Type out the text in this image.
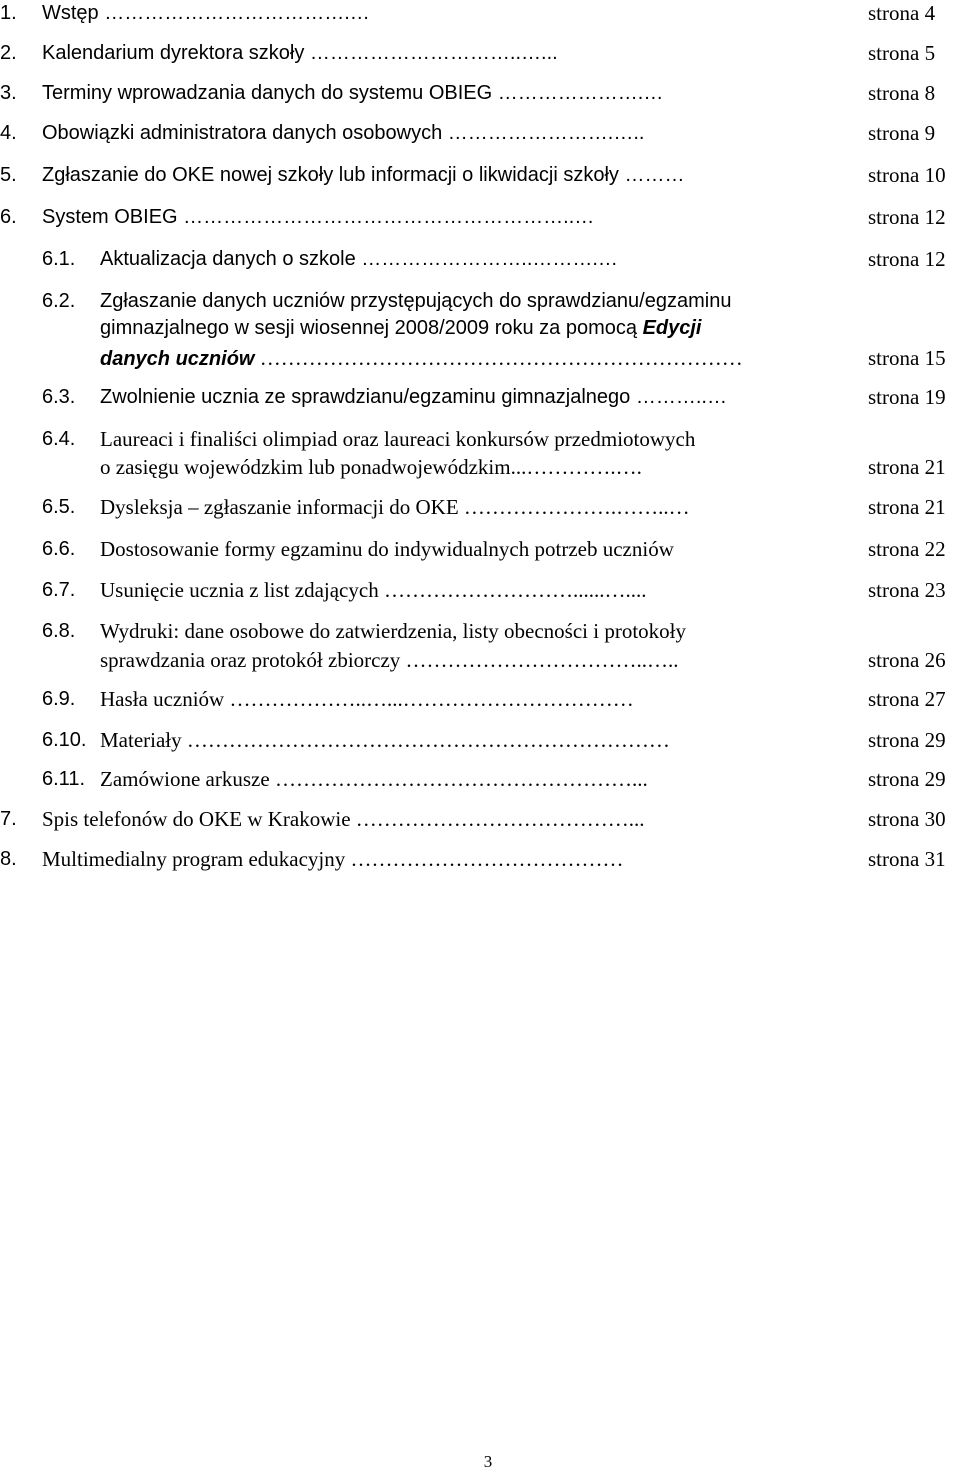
1. Wstęp ……………………………….…	strona 4
2. Kalendarium dyrektora szkoły …………………………..…...	strona 5
3. Terminy wprowadzania danych do systemu OBIEG ………………….…	strona 8
4. Obowiązki administratora danych osobowych …………………….…..	strona 9
5. Zgłaszanie do OKE nowej szkoły lub informacji o likwidacji szkoły ………	strona 10
6. System OBIEG …………………………………………………..…	strona 12
6.1. Aktualizacja danych o szkole ……………………..……….…	strona 12
6.2. Zgłaszanie danych uczniów przystępujących do sprawdzianu/egzaminu
gimnazjalnego w sesji wiosennej 2008/2009 roku za pomocą Edycji
danych uczniów ……………………………………………………………	strona 15
6.3. Zwolnienie ucznia ze sprawdzianu/egzaminu gimnazjalnego ………..…	strona 19
6.4. Laureaci i finaliści olimpiad oraz laureaci konkursów przedmiotowych
o zasięgu wojewódzkim lub ponadwojewódzkim...………….….	strona 21
6.5. Dysleksja – zgłaszanie informacji do OKE ………………….……..…	strona 21
6.6. Dostosowanie formy egzaminu do indywidualnych potrzeb uczniów	strona 22
6.7. Usunięcie ucznia z list zdających ………………………......…....	strona 23
6.8. Wydruki: dane osobowe do zatwierdzenia, listy obecności i protokoły
sprawdzania oraz protokół zbiorczy ……………………………..…..	strona 26
6.9. Hasła uczniów ………………..…...……………………………	strona 27
6.10. Materiały ……………………………………………………………	strona 29
6.11. Zamówione arkusze ……………………………………………...	strona 29
7. Spis telefonów do OKE w Krakowie …………………………………...	strona 30
8. Multimedialny program edukacyjny …………………………………	strona 31
3
